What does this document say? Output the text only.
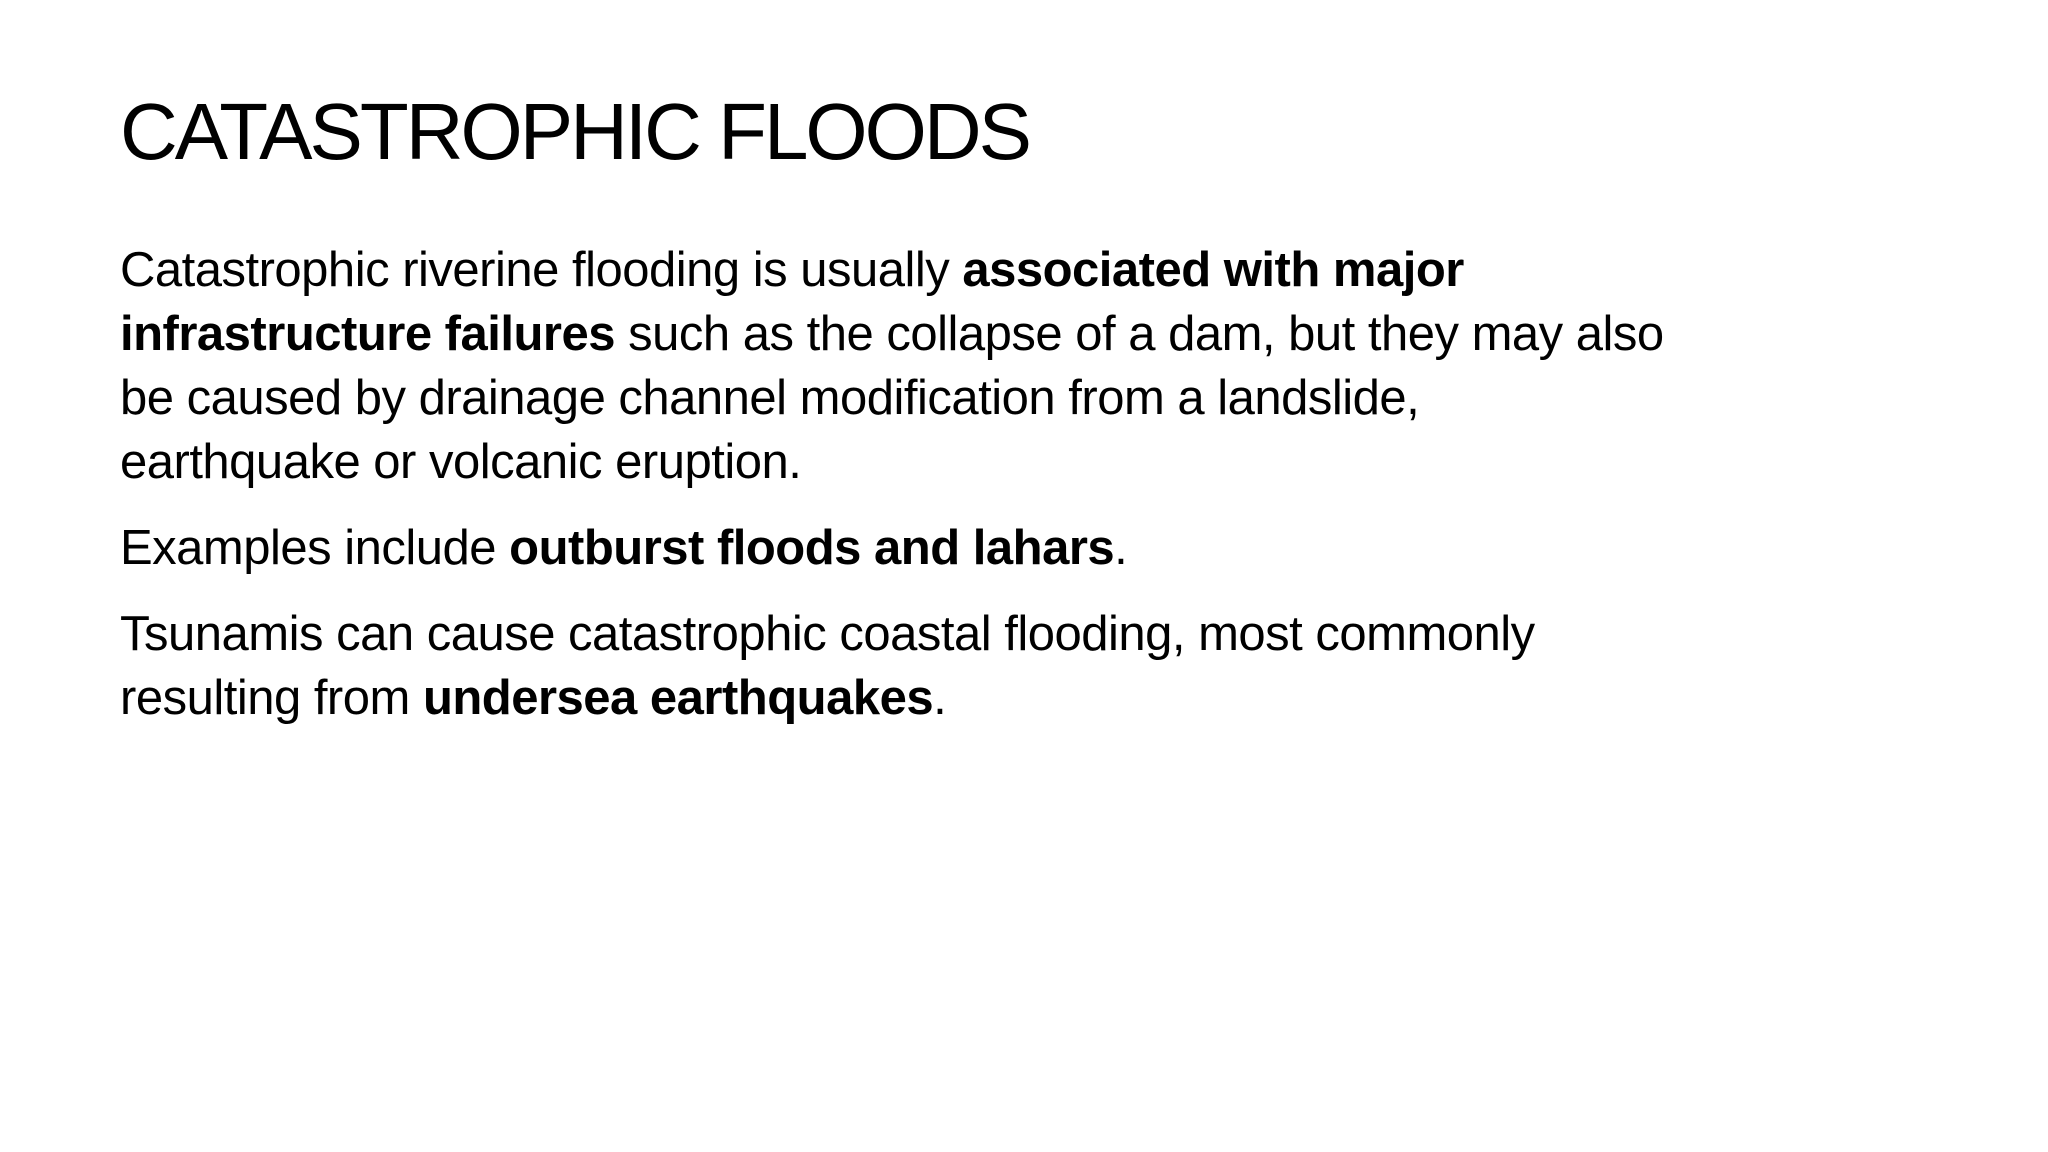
CATASTROPHIC FLOODS

Catastrophic riverine flooding is usually associated with major
infrastructure failures such as the collapse of a dam, but they may also
be caused by drainage channel modification from a landslide,
earthquake or volcanic eruption.

Examples include outburst floods and lahars.

Tsunamis can cause catastrophic coastal flooding, most commonly
resulting from undersea earthquakes.
